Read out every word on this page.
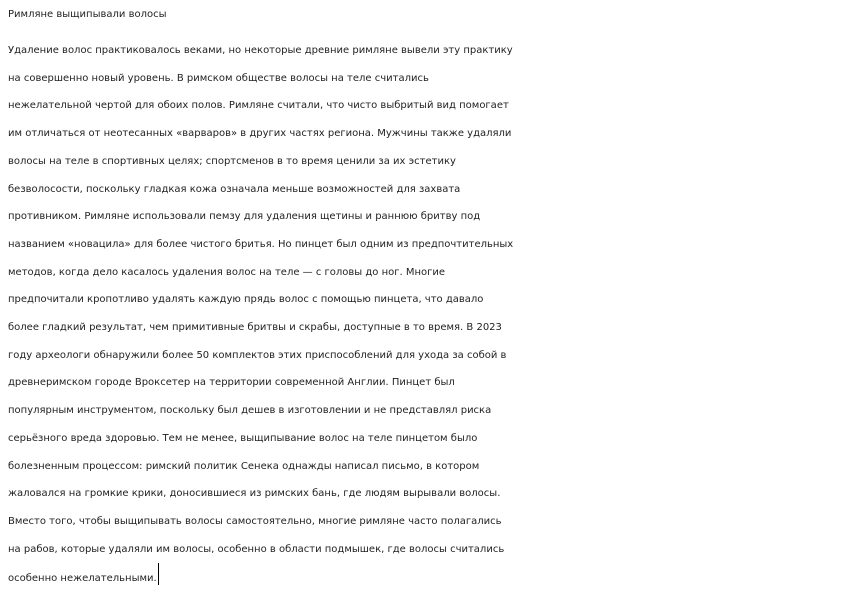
Римляне выщипывали волосы
Удаление волос практиковалось веками, но некоторые древние римляне вывели эту практику
на совершенно новый уровень. В римском обществе волосы на теле считались
нежелательной чертой для обоих полов. Римляне считали, что чисто выбритый вид помогает
им отличаться от неотесанных «варваров» в других частях региона. Мужчины также удаляли
волосы на теле в спортивных целях; спортсменов в то время ценили за их эстетику
безволосости, поскольку гладкая кожа означала меньше возможностей для захвата
противником. Римляне использовали пемзу для удаления щетины и раннюю бритву под
названием «новацила» для более чистого бритья. Но пинцет был одним из предпочтительных
методов, когда дело касалось удаления волос на теле — с головы до ног. Многие
предпочитали кропотливо удалять каждую прядь волос с помощью пинцета, что давало
более гладкий результат, чем примитивные бритвы и скрабы, доступные в то время. В 2023
году археологи обнаружили более 50 комплектов этих приспособлений для ухода за собой в
древнеримском городе Вроксетер на территории современной Англии. Пинцет был
популярным инструментом, поскольку был дешев в изготовлении и не представлял риска
серьёзного вреда здоровью. Тем не менее, выщипывание волос на теле пинцетом было
болезненным процессом: римский политик Сенека однажды написал письмо, в котором
жаловался на громкие крики, доносившиеся из римских бань, где людям вырывали волосы.
Вместо того, чтобы выщипывать волосы самостоятельно, многие римляне часто полагались
на рабов, которые удаляли им волосы, особенно в области подмышек, где волосы считались
особенно нежелательными.
